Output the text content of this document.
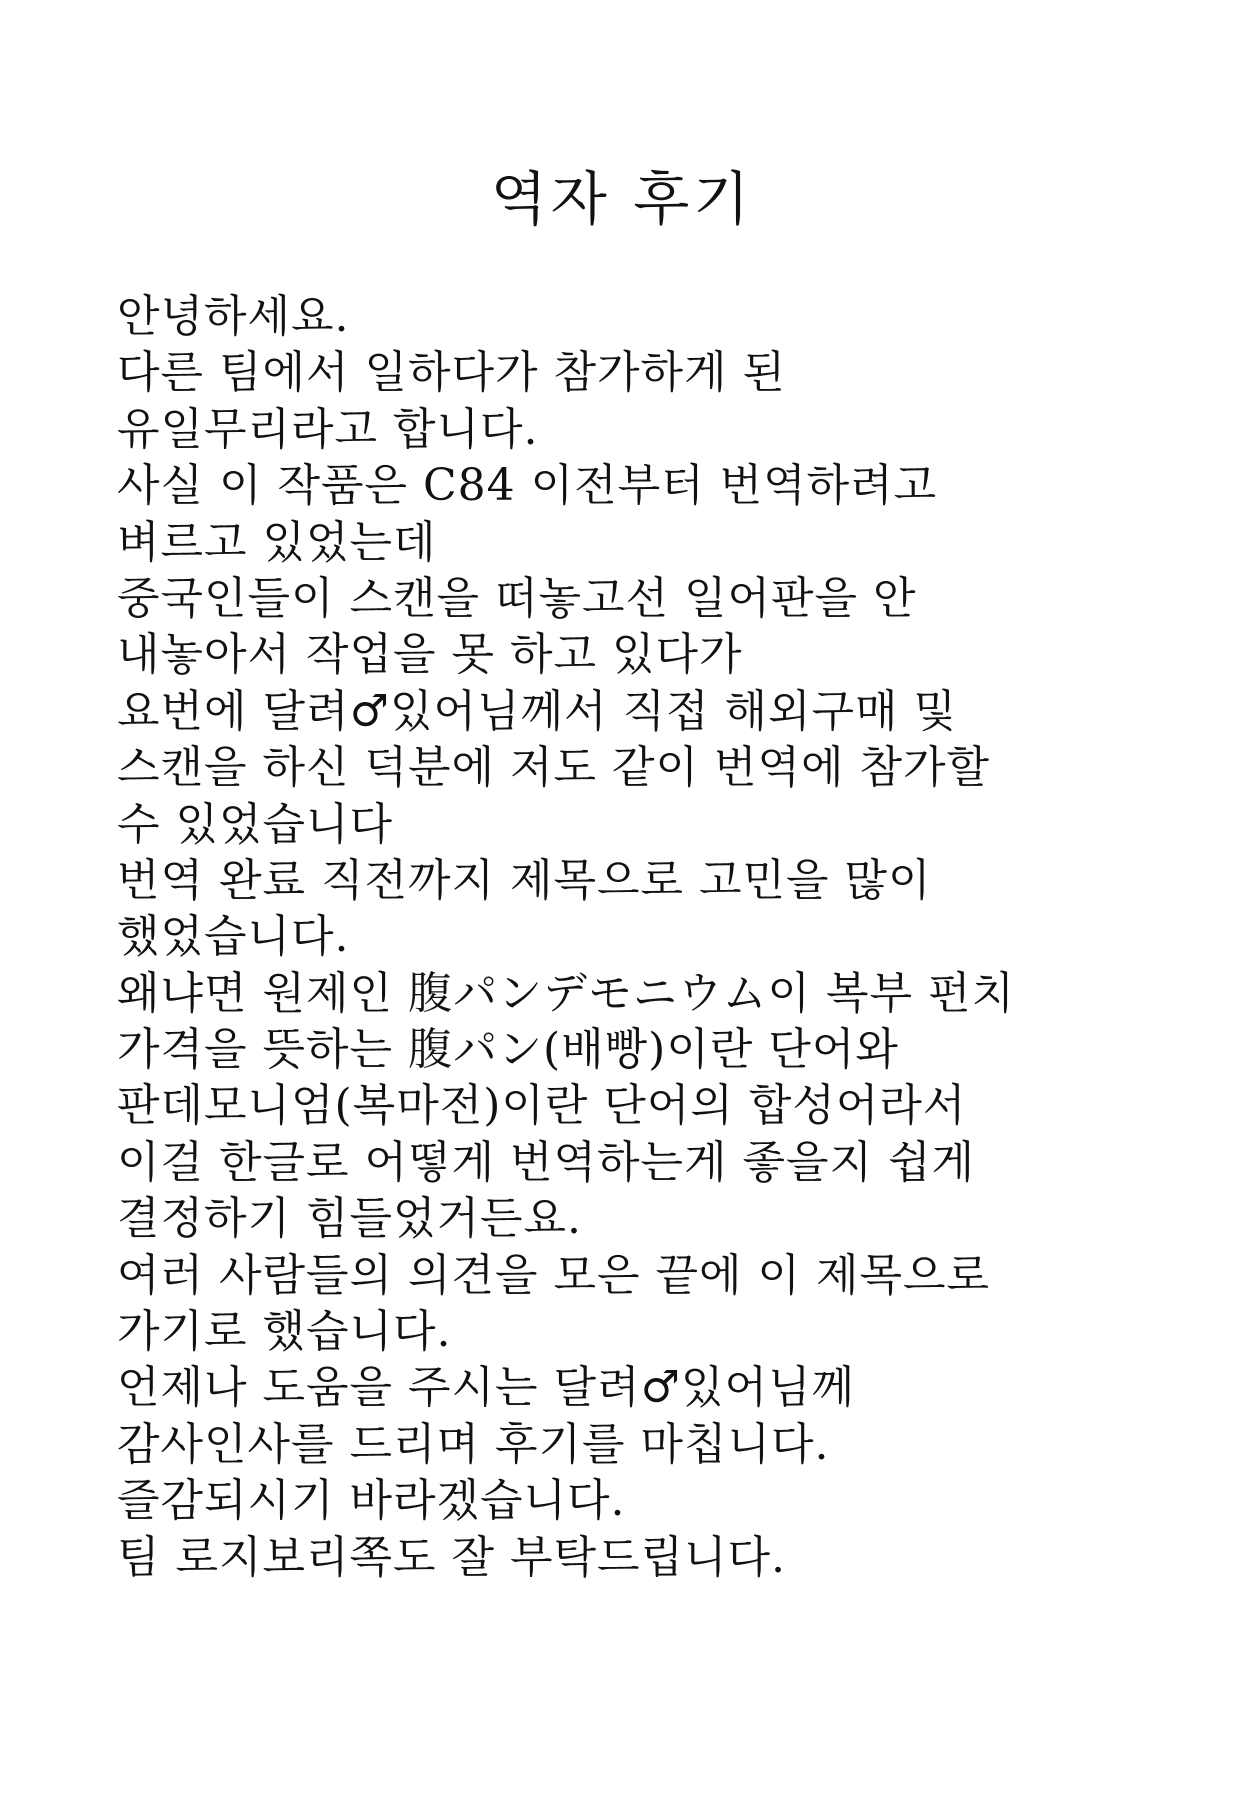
역자 후기
안녕하세요.
다른 팀에서 일하다가 참가하게 된
유일무리라고 합니다.
사실 이 작품은 C84 이전부터 번역하려고
벼르고 있었는데
중국인들이 스캔을 떠놓고선 일어판을 안
내놓아서 작업을 못 하고 있다가
요번에 달려♂있어님께서 직접 해외구매 및
스캔을 하신 덕분에 저도 같이 번역에 참가할
수 있었습니다
번역 완료 직전까지 제목으로 고민을 많이
했었습니다.
왜냐면 원제인 腹パンデモニウム이 복부 펀치
가격을 뜻하는 腹パン(배빵)이란 단어와
판데모니엄(복마전)이란 단어의 합성어라서
이걸 한글로 어떻게 번역하는게 좋을지 쉽게
결정하기 힘들었거든요.
여러 사람들의 의견을 모은 끝에 이 제목으로
가기로 했습니다.
언제나 도움을 주시는 달려♂있어님께
감사인사를 드리며 후기를 마칩니다.
즐감되시기 바라겠습니다.
팀 로지보리쪽도 잘 부탁드립니다.
